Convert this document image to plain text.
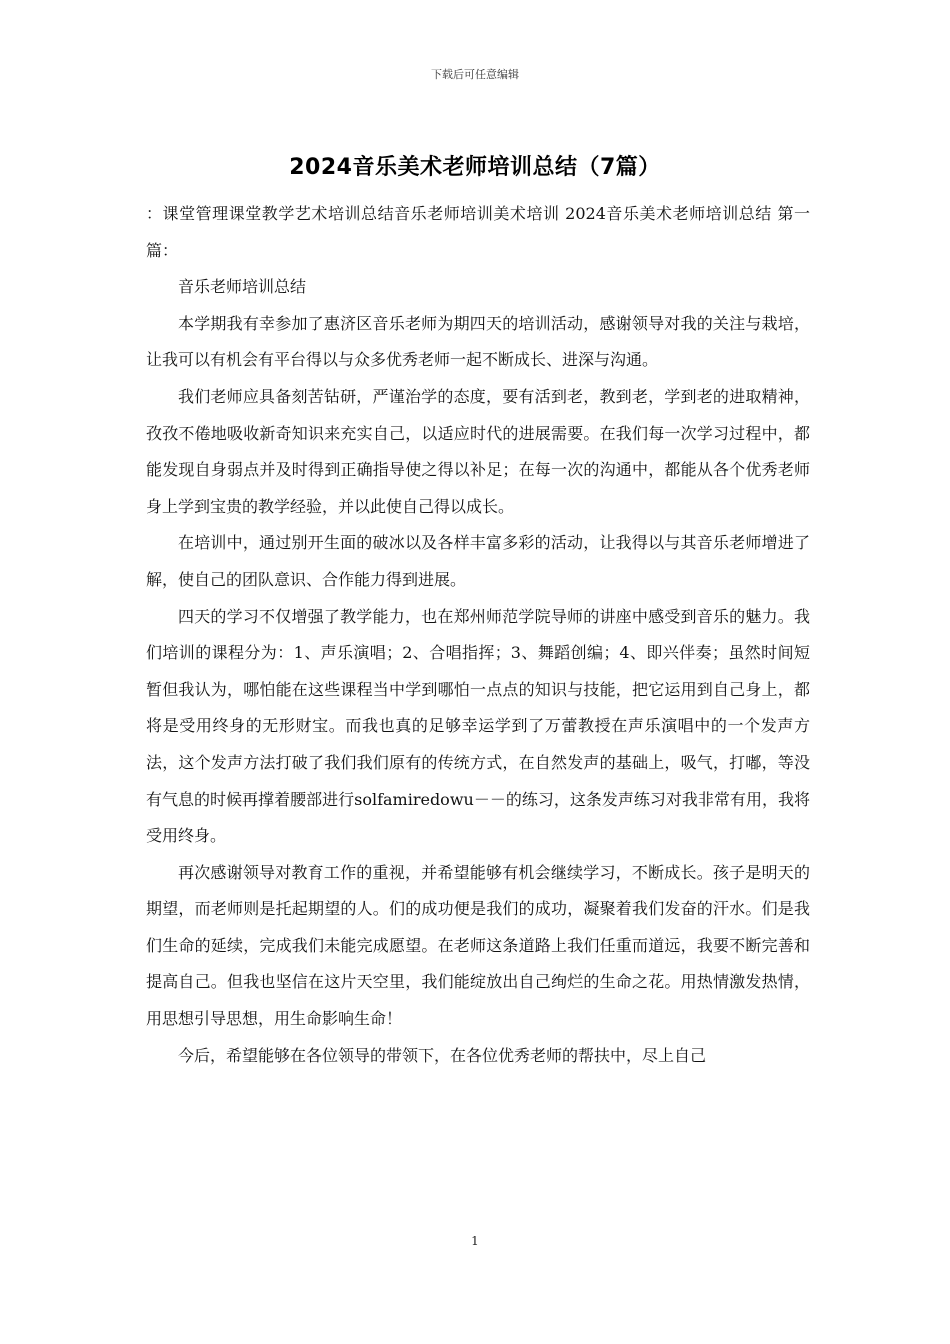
下载后可任意编辑
2024音乐美术老师培训总结（7篇）

：课堂管理课堂教学艺术培训总结音乐老师培训美术培训 2024音乐美术老师培训总结 第一篇：

音乐老师培训总结

本学期我有幸参加了惠济区音乐老师为期四天的培训活动，感谢领导对我的关注与栽培，让我可以有机会有平台得以与众多优秀老师一起不断成长、进深与沟通。

我们老师应具备刻苦钻研，严谨治学的态度，要有活到老，教到老，学到老的进取精神，孜孜不倦地吸收新奇知识来充实自己，以适应时代的进展需要。在我们每一次学习过程中，都能发现自身弱点并及时得到正确指导使之得以补足；在每一次的沟通中，都能从各个优秀老师身上学到宝贵的教学经验，并以此使自己得以成长。

在培训中，通过别开生面的破冰以及各样丰富多彩的活动，让我得以与其音乐老师增进了解，使自己的团队意识、合作能力得到进展。

四天的学习不仅增强了教学能力，也在郑州师范学院导师的讲座中感受到音乐的魅力。我们培训的课程分为：1、声乐演唱；2、合唱指挥；3、舞蹈创编；4、即兴伴奏；虽然时间短暂但我认为，哪怕能在这些课程当中学到哪怕一点点的知识与技能，把它运用到自己身上，都将是受用终身的无形财宝。而我也真的足够幸运学到了万蕾教授在声乐演唱中的一个发声方法，这个发声方法打破了我们我们原有的传统方式，在自然发声的基础上，吸气，打嘟，等没有气息的时候再撑着腰部进行solfamiredowu－－的练习，这条发声练习对我非常有用，我将受用终身。

再次感谢领导对教育工作的重视，并希望能够有机会继续学习，不断成长。孩子是明天的期望，而老师则是托起期望的人。们的成功便是我们的成功，凝聚着我们发奋的汗水。们是我们生命的延续，完成我们未能完成愿望。在老师这条道路上我们任重而道远，我要不断完善和提高自己。但我也坚信在这片天空里，我们能绽放出自己绚烂的生命之花。用热情激发热情，用思想引导思想，用生命影响生命！

今后，希望能够在各位领导的带领下，在各位优秀老师的帮扶中，尽上自己

1
